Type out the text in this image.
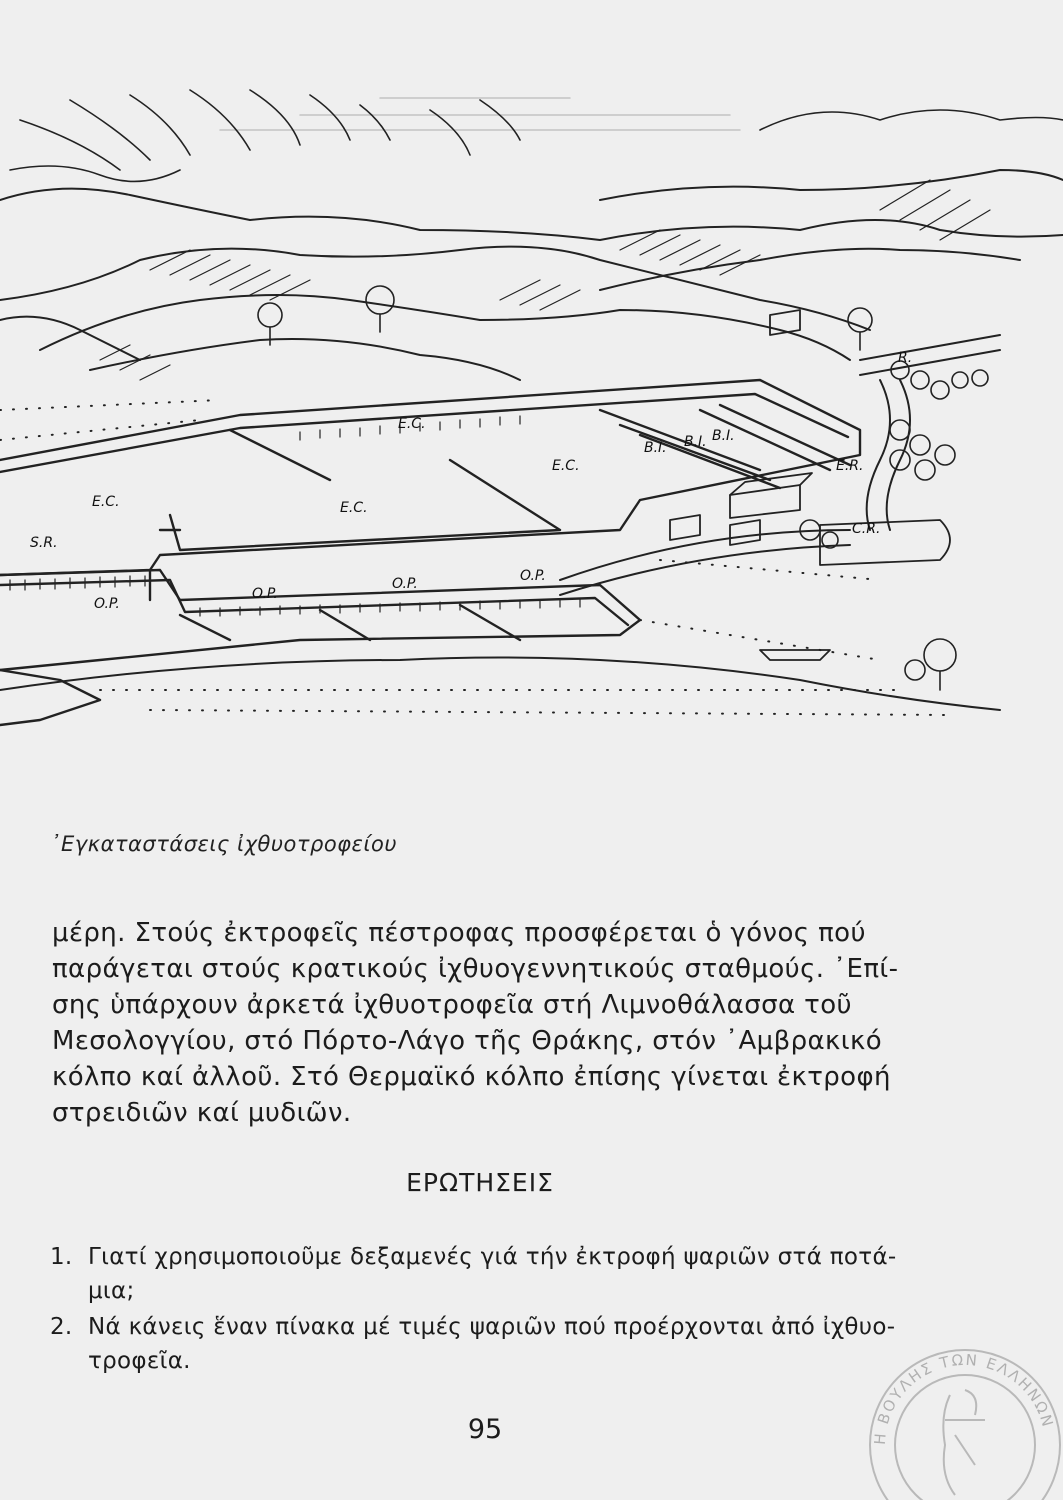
E.C.
E.C.
E.C.	E.C.
S.R.
B.I. B.I. B.I.
E.R.
C.R.
O.P.
O.P.
O.P.	O.P.
R.
᾿Εγκαταστάσεις ἰχθυοτροφείου

μέρη. Στούς ἐκτροφεῖς πέστροφας προσφέρεται ὁ γόνος πού

παράγεται στούς κρατικούς ἰχθυογεννητικούς σταθμούς. ᾿Επί-

σης ὑπάρχουν ἀρκετά ἰχθυοτροφεῖα στή Λιμνοθάλασσα τοῦ

Μεσολογγίου, στό Πόρτο-Λάγο τῆς Θράκης, στόν ᾿Αμβρακικό

κόλπο καί ἀλλοῦ. Στό Θερμαϊκό κόλπο ἐπίσης γίνεται ἐκτροφή

στρειδιῶν καί μυδιῶν.

ΕΡΩΤΗΣΕΙΣ
1. Γιατί χρησιμοποιοῦμε δεξαμενές γιά τήν ἐκτροφή ψαριῶν στά ποτά-μια;
2. Νά κάνεις ἕναν πίνακα μέ τιμές ψαριῶν πού προέρχονται ἀπό ἰχθυο-τροφεῖα.
95	Η ΒΟΥΛΗΣ ΤΩΝ ΕΛΛΗΝΩΝ
